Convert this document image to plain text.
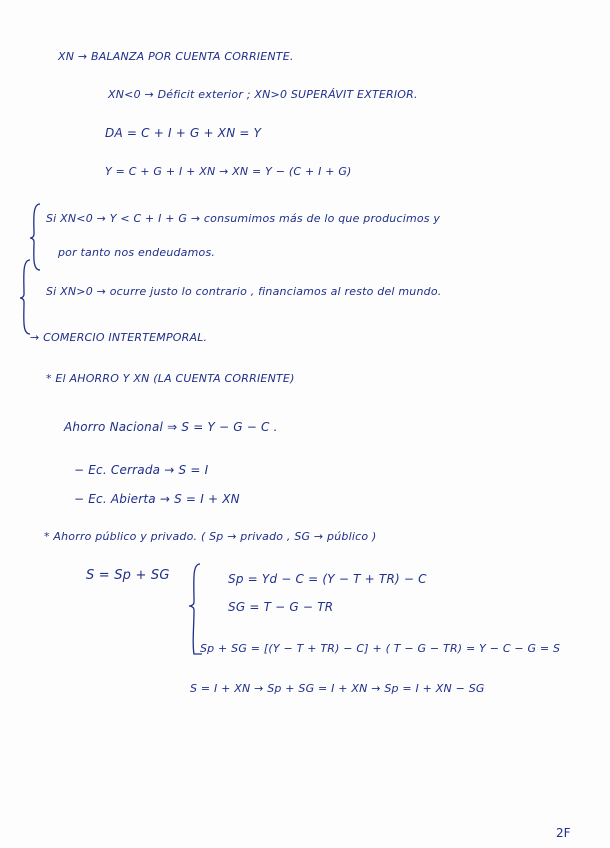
XN → BALANZA POR CUENTA CORRIENTE.
XN<0 → Déficit exterior ; XN>0 SUPERÁVIT EXTERIOR.
DA = C + I + G + XN = Y
Y = C + G + I + XN → XN = Y − (C + I + G)
Si XN<0 → Y < C + I + G → consumimos más de lo que producimos y
por tanto nos endeudamos.
Si XN>0 → ocurre justo lo contrario , financiamos al resto del mundo.
→ COMERCIO INTERTEMPORAL.
* El AHORRO Y XN (LA CUENTA CORRIENTE)
Ahorro Nacional ⇒ S = Y − G − C .
− Ec. Cerrada → S = I
− Ec. Abierta → S = I + XN
* Ahorro público y privado. ( Sp → privado , SG → público )
S = Sp + SG	Sp = Yd − C = (Y − T + TR) − C
SG = T − G − TR
Sp + SG = [(Y − T + TR) − C] + ( T − G − TR) = Y − C − G = S
S = I + XN → Sp + SG = I + XN → Sp = I + XN − SG
2F
